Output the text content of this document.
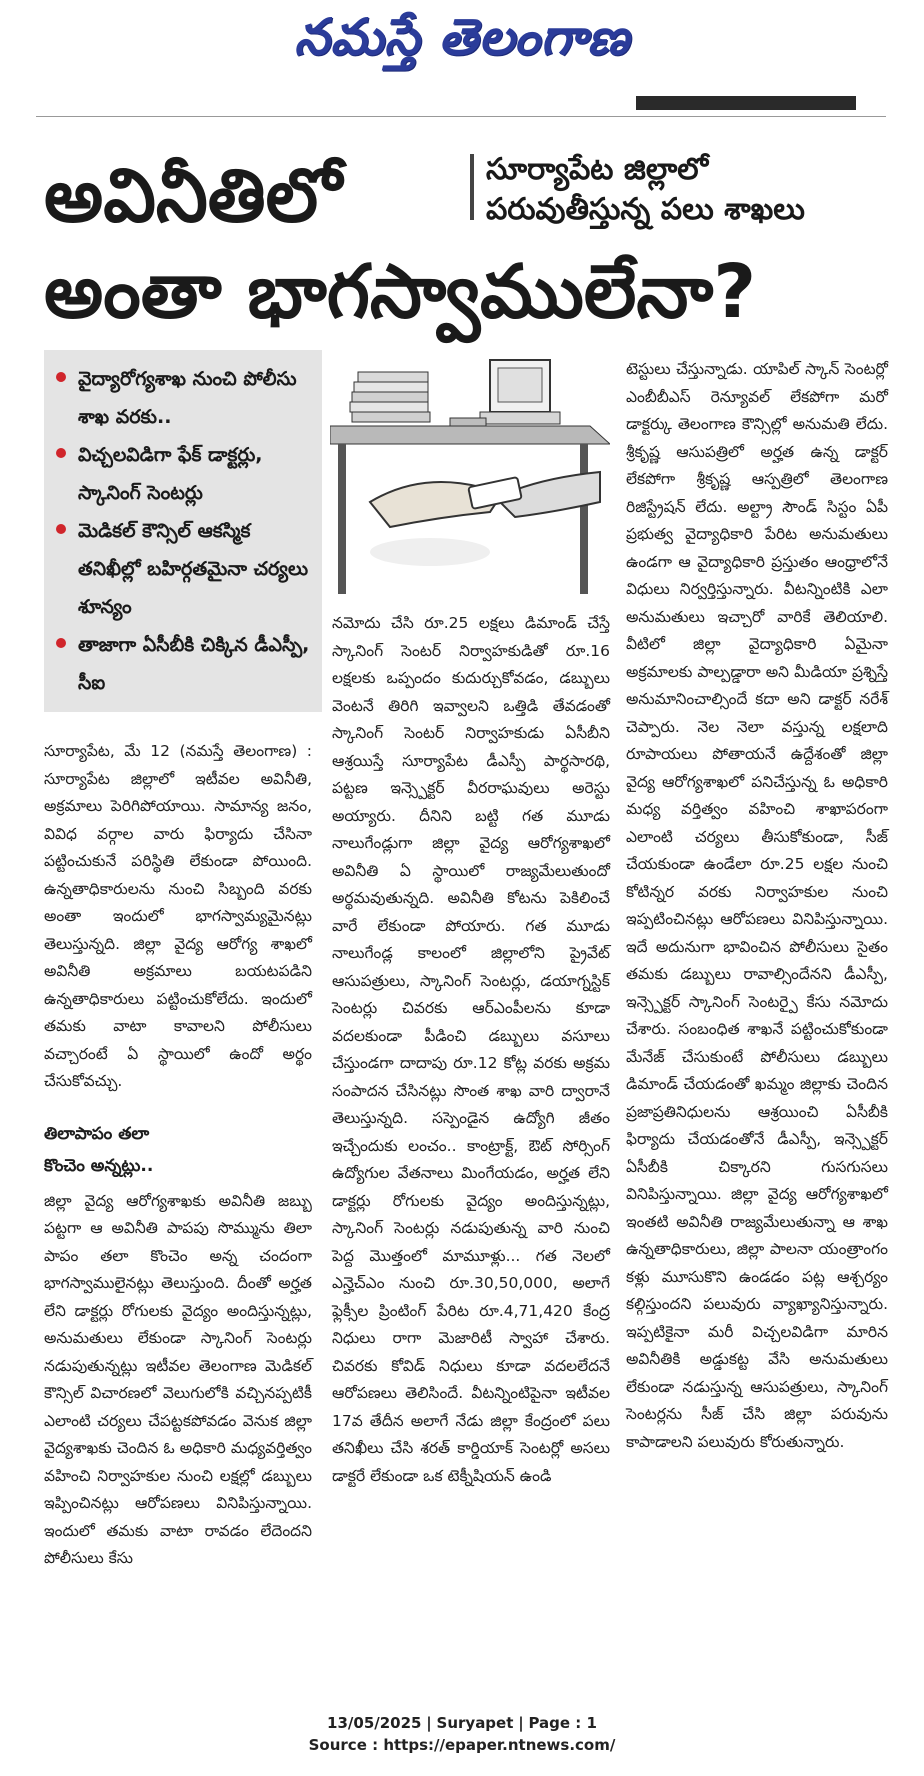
నమస్తే తెలంగాణ
అవినీతిలో	సూర్యాపేట జిల్లాలో
పరువుతీస్తున్న పలు శాఖలు
అంతా భాగస్వాములేనా?
వైద్యారోగ్యశాఖ నుంచి పోలీసు శాఖ వరకు..
విచ్చలవిడిగా ఫేక్ డాక్టర్లు, స్కానింగ్ సెంటర్లు
మెడికల్ కౌన్సిల్ ఆకస్మిక తనిఖీల్లో బహిర్గతమైనా చర్యలు శూన్యం
తాజాగా ఏసీబీకి చిక్కిన డీఎస్పీ, సీఐ

సూర్యాపేట, మే 12 (నమస్తే తెలంగాణ) : సూర్యాపేట జిల్లాలో ఇటీవల అవినీతి, అక్రమాలు పెరిగిపోయాయి. సామాన్య జనం, వివిధ వర్గాల వారు ఫిర్యాదు చేసినా పట్టించుకునే పరిస్థితి లేకుండా పోయింది. ఉన్నతాధికారులను నుంచి సిబ్బంది వరకు అంతా ఇందులో భాగస్వామ్యమైనట్లు తెలుస్తున్నది. జిల్లా వైద్య ఆరోగ్య శాఖలో అవినీతి అక్రమాలు బయటపడిని ఉన్నతాధికారులు పట్టించుకోలేదు. ఇందులో తమకు వాటా కావాలని పోలీసులు వచ్చారంటే ఏ స్థాయిలో ఉందో అర్థం చేసుకోవచ్చు.

తిలాపాపం తలా
కొంచెం అన్నట్లు..

జిల్లా వైద్య ఆరోగ్యశాఖకు అవినీతి జబ్బు పట్టగా ఆ అవినీతి పాపపు సొమ్మును తిలా పాపం తలా కొంచెం అన్న చందంగా భాగస్వాములైనట్లు తెలుస్తుంది. దీంతో అర్హత లేని డాక్టర్లు రోగులకు వైద్యం అందిస్తున్నట్లు, అనుమతులు లేకుండా స్కానింగ్ సెంటర్లు నడుపుతున్నట్లు ఇటీవల తెలంగాణ మెడికల్ కౌన్సిల్ విచారణలో వెలుగులోకి వచ్చినప్పటికీ ఎలాంటి చర్యలు చేపట్టకపోవడం వెనుక జిల్లా వైద్యశాఖకు చెందిన ఓ అధికారి మధ్యవర్తిత్వం వహించి నిర్వాహకుల నుంచి లక్షల్లో డబ్బులు ఇప్పించినట్లు ఆరోపణలు వినిపిస్తున్నాయి. ఇందులో తమకు వాటా రావడం లేదెందని పోలీసులు కేసు

నమోదు చేసి రూ.25 లక్షలు డిమాండ్ చేస్తే స్కానింగ్ సెంటర్ నిర్వాహకుడితో రూ.16 లక్షలకు ఒప్పందం కుదుర్చుకోవడం, డబ్బులు వెంటనే తిరిగి ఇవ్వాలని ఒత్తిడి తేవడంతో స్కానింగ్ సెంటర్ నిర్వాహకుడు ఏసీబీని ఆశ్రయిస్తే సూర్యాపేట డీఎస్పీ పార్థసారథి, పట్టణ ఇన్స్పెక్టర్ వీరరాఘవులు అరెస్టు అయ్యారు. దీనిని బట్టి గత మూడు నాలుగేండ్లుగా జిల్లా వైద్య ఆరోగ్యశాఖలో అవినీతి ఏ స్థాయిలో రాజ్యమేలుతుందో అర్థమవుతున్నది. అవినీతి కోటను పెకిలించే వారే లేకుండా పోయారు. గత మూడు నాలుగేండ్ల కాలంలో జిల్లాలోని ప్రైవేట్ ఆసుపత్రులు, స్కానింగ్ సెంటర్లు, డయాగ్నస్టిక్ సెంటర్లు చివరకు ఆర్ఎంపీలను కూడా వదలకుండా పీడించి డబ్బులు వసూలు చేస్తుండగా దాదాపు రూ.12 కోట్ల వరకు అక్రమ సంపాదన చేసినట్లు సొంత శాఖ వారి ద్వారానే తెలుస్తున్నది. సస్పెండైన ఉద్యోగి జీతం ఇచ్చేందుకు లంచం.. కాంట్రాక్ట్, ఔట్ సోర్సింగ్ ఉద్యోగుల వేతనాలు మింగేయడం, అర్హత లేని డాక్టర్లు రోగులకు వైద్యం అందిస్తున్నట్లు, స్కానింగ్ సెంటర్లు నడుపుతున్న వారి నుంచి పెద్ద మొత్తంలో మామూళ్లు... గత నెలలో ఎన్హెచ్ఎం నుంచి రూ.30,50,000, అలాగే ఫ్లెక్సీల ప్రింటింగ్ పేరిట రూ.4,71,420 కేంద్ర నిధులు రాగా మెజారిటీ స్వాహా చేశారు. చివరకు కోవిడ్ నిధులు కూడా వదలలేదనే ఆరోపణలు తెలిసిందే. వీటన్నింటిపైనా ఇటీవల 17వ తేదీన అలాగే నేడు జిల్లా కేంద్రంలో పలు తనిఖీలు చేసి శరత్ కార్డియాక్ సెంటర్లో అసలు డాక్టరే లేకుండా ఒక టెక్నీషియన్ ఉండి

టెస్టులు చేస్తున్నాడు. యాపిల్ స్కాన్ సెంటర్లో ఎంబీబీఎస్ రెన్యూవల్ లేకపోగా మరో డాక్టర్కు తెలంగాణ కౌన్సిల్లో అనుమతి లేదు. శ్రీకృష్ణ ఆసుపత్రిలో అర్హత ఉన్న డాక్టర్ లేకపోగా శ్రీకృష్ణ ఆస్పత్రిలో తెలంగాణ రిజిస్ట్రేషన్ లేదు. అల్ట్రా సౌండ్ సిస్టం ఏపీ ప్రభుత్వ వైద్యాధికారి పేరిట అనుమతులు ఉండగా ఆ వైద్యాధికారి ప్రస్తుతం ఆంధ్రాలోనే విధులు నిర్వర్తిస్తున్నారు. వీటన్నింటికి ఎలా అనుమతులు ఇచ్చారో వారికే తెలియాలి. వీటిలో జిల్లా వైద్యాధికారి ఏమైనా అక్రమాలకు పాల్పడ్డారా అని మీడియా ప్రశ్నిస్తే అనుమానించాల్సిందే కదా అని డాక్టర్ నరేశ్ చెప్పారు. నెల నెలా వస్తున్న లక్షలాది రూపాయలు పోతాయనే ఉద్దేశంతో జిల్లా వైద్య ఆరోగ్యశాఖలో పనిచేస్తున్న ఓ అధికారి మధ్య వర్తిత్వం వహించి శాఖాపరంగా ఎలాంటి చర్యలు తీసుకోకుండా, సీజ్ చేయకుండా ఉండేలా రూ.25 లక్షల నుంచి కోటిన్నర వరకు నిర్వాహకుల నుంచి ఇప్పటించినట్లు ఆరోపణలు వినిపిస్తున్నాయి. ఇదే అదునుగా భావించిన పోలీసులు సైతం తమకు డబ్బులు రావాల్సిందేనని డీఎస్పీ, ఇన్స్పెక్టర్ స్కానింగ్ సెంటర్పై కేసు నమోదు చేశారు. సంబంధిత శాఖనే పట్టించుకోకుండా మేనేజ్ చేసుకుంటే పోలీసులు డబ్బులు డిమాండ్ చేయడంతో ఖమ్మం జిల్లాకు చెందిన ప్రజాప్రతినిధులను ఆశ్రయించి ఏసీబీకి ఫిర్యాదు చేయడంతోనే డీఎస్పీ, ఇన్స్పెక్టర్ ఏసీబీకి చిక్కారని గుసగుసలు వినిపిస్తున్నాయి. జిల్లా వైద్య ఆరోగ్యశాఖలో ఇంతటి అవినీతి రాజ్యమేలుతున్నా ఆ శాఖ ఉన్నతాధికారులు, జిల్లా పాలనా యంత్రాంగం కళ్లు మూసుకొని ఉండడం పట్ల ఆశ్చర్యం కల్గిస్తుందని పలువురు వ్యాఖ్యానిస్తున్నారు. ఇప్పటికైనా మరీ విచ్చలవిడిగా మారిన అవినీతికి అడ్డుకట్ట వేసి అనుమతులు లేకుండా నడుస్తున్న ఆసుపత్రులు, స్కానింగ్ సెంటర్లను సీజ్ చేసి జిల్లా పరువును కాపాడాలని పలువురు కోరుతున్నారు.

13/05/2025 | Suryapet | Page : 1
Source : https://epaper.ntnews.com/
